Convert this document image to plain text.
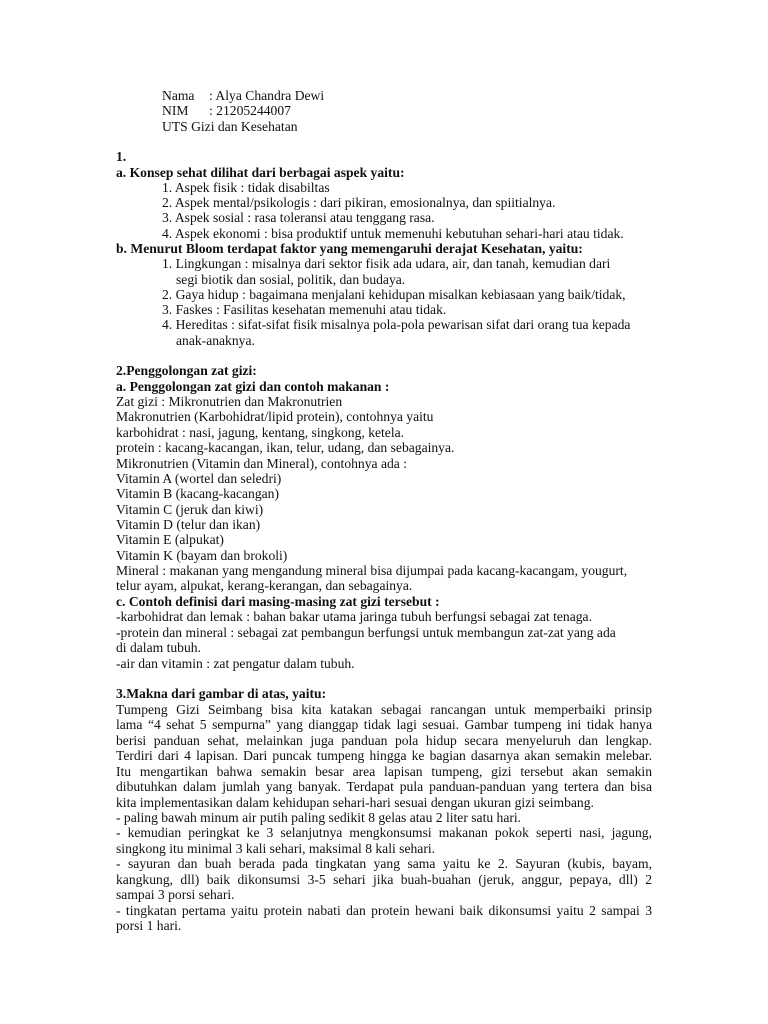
Nama : Alya Chandra Dewi
NIM : 21205244007
UTS Gizi dan Kesehatan
1.
a. Konsep sehat dilihat dari berbagai aspek yaitu:
1. Aspek fisik : tidak disabiltas
2. Aspek mental/psikologis : dari pikiran, emosionalnya, dan spiitialnya.
3. Aspek sosial : rasa toleransi atau tenggang rasa.
4. Aspek ekonomi : bisa produktif untuk memenuhi kebutuhan sehari-hari atau tidak.
b. Menurut Bloom terdapat faktor yang memengaruhi derajat Kesehatan, yaitu:
1. Lingkungan : misalnya dari sektor fisik ada udara, air, dan tanah, kemudian dari
segi biotik dan sosial, politik, dan budaya.
2. Gaya hidup : bagaimana menjalani kehidupan misalkan kebiasaan yang baik/tidak,
3. Faskes : Fasilitas kesehatan memenuhi atau tidak.
4. Hereditas : sifat-sifat fisik misalnya pola-pola pewarisan sifat dari orang tua kepada
anak-anaknya.
2.Penggolongan zat gizi:
a. Penggolongan zat gizi dan contoh makanan :
Zat gizi : Mikronutrien dan Makronutrien
Makronutrien (Karbohidrat/lipid protein), contohnya yaitu
karbohidrat : nasi, jagung, kentang, singkong, ketela.
protein : kacang-kacangan, ikan, telur, udang, dan sebagainya.
Mikronutrien (Vitamin dan Mineral), contohnya ada :
Vitamin A (wortel dan seledri)
Vitamin B (kacang-kacangan)
Vitamin C (jeruk dan kiwi)
Vitamin D (telur dan ikan)
Vitamin E (alpukat)
Vitamin K (bayam dan brokoli)
Mineral : makanan yang mengandung mineral bisa dijumpai pada kacang-kacangam, yougurt,
telur ayam, alpukat, kerang-kerangan, dan sebagainya.
c. Contoh definisi dari masing-masing zat gizi tersebut :
-karbohidrat dan lemak : bahan bakar utama jaringa tubuh berfungsi sebagai zat tenaga.
-protein dan mineral : sebagai zat pembangun berfungsi untuk membangun zat-zat yang ada
di dalam tubuh.
-air dan vitamin : zat pengatur dalam tubuh.
3.Makna dari gambar di atas, yaitu:
Tumpeng Gizi Seimbang bisa kita katakan sebagai rancangan untuk memperbaiki prinsip
lama “4 sehat 5 sempurna” yang dianggap tidak lagi sesuai. Gambar tumpeng ini tidak hanya
berisi panduan sehat, melainkan juga panduan pola hidup secara menyeluruh dan lengkap.
Terdiri dari 4 lapisan. Dari puncak tumpeng hingga ke bagian dasarnya akan semakin melebar.
Itu mengartikan bahwa semakin besar area lapisan tumpeng, gizi tersebut akan semakin
dibutuhkan dalam jumlah yang banyak. Terdapat pula panduan-panduan yang tertera dan bisa
kita implementasikan dalam kehidupan sehari-hari sesuai dengan ukuran gizi seimbang.
- paling bawah minum air putih paling sedikit 8 gelas atau 2 liter satu hari.
- kemudian peringkat ke 3 selanjutnya mengkonsumsi makanan pokok seperti nasi, jagung,
singkong itu minimal 3 kali sehari, maksimal 8 kali sehari.
- sayuran dan buah berada pada tingkatan yang sama yaitu ke 2. Sayuran (kubis, bayam,
kangkung, dll) baik dikonsumsi 3-5 sehari jika buah-buahan (jeruk, anggur, pepaya, dll) 2
sampai 3 porsi sehari.
- tingkatan pertama yaitu protein nabati dan protein hewani baik dikonsumsi yaitu 2 sampai 3
porsi 1 hari.
